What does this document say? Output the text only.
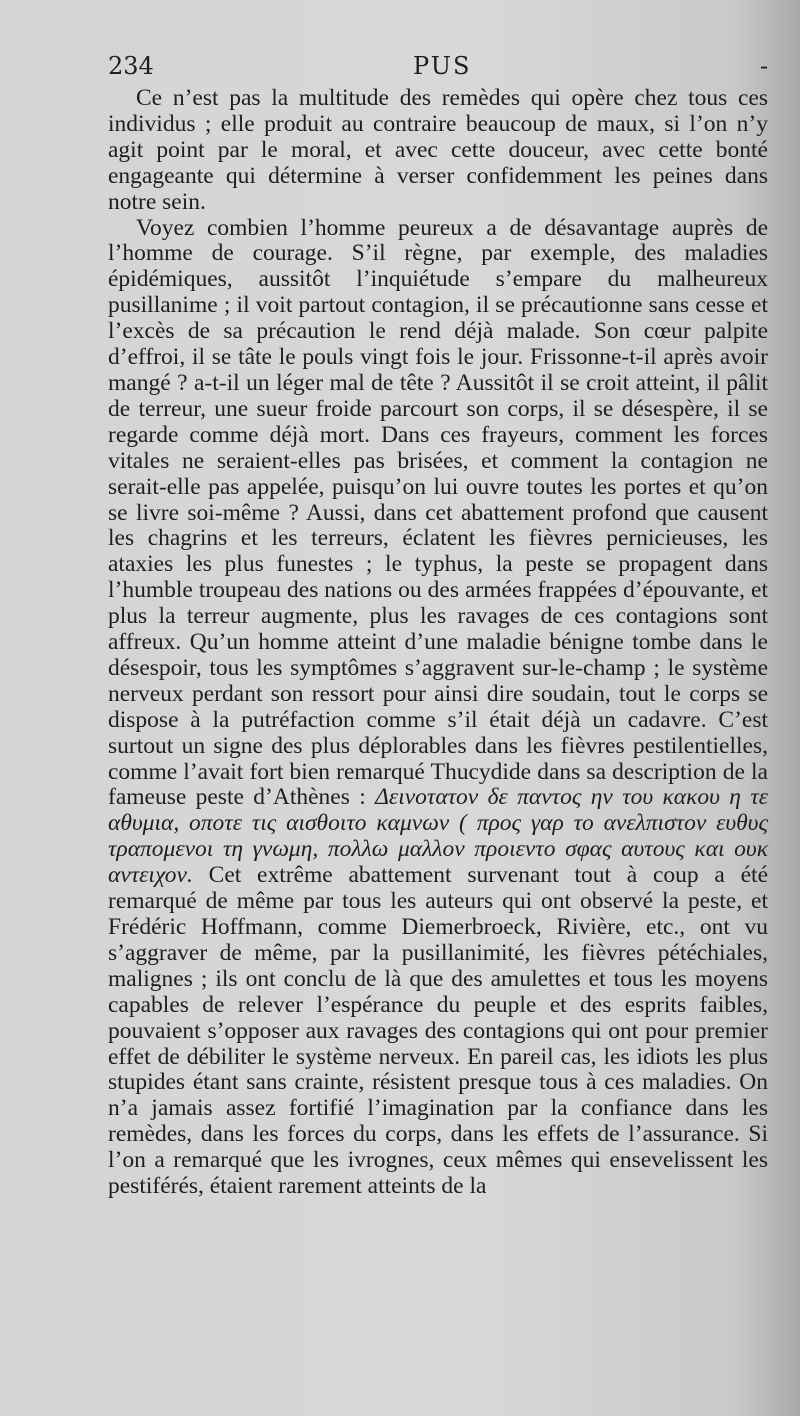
234	PUS	-

Ce n’est pas la multitude des remèdes qui opère chez tous ces individus ; elle produit au contraire beaucoup de maux, si l’on n’y agit point par le moral, et avec cette douceur, avec cette bonté engageante qui détermine à verser confidemment les peines dans notre sein.

Voyez combien l’homme peureux a de désavantage auprès de l’homme de courage. S’il règne, par exemple, des maladies épidémiques, aussitôt l’inquiétude s’empare du malheureux pusillanime ; il voit partout contagion, il se précautionne sans cesse et l’excès de sa précaution le rend déjà malade. Son cœur palpite d’effroi, il se tâte le pouls vingt fois le jour. Frissonne-t-il après avoir mangé ? a-t-il un léger mal de tête ? Aussitôt il se croit atteint, il pâlit de terreur, une sueur froide parcourt son corps, il se désespère, il se regarde comme déjà mort. Dans ces frayeurs, comment les forces vitales ne seraient-elles pas brisées, et comment la contagion ne serait-elle pas appelée, puisqu’on lui ouvre toutes les portes et qu’on se livre soi-même ? Aussi, dans cet abattement profond que causent les chagrins et les terreurs, éclatent les fièvres pernicieuses, les ataxies les plus funestes ; le typhus, la peste se propagent dans l’humble troupeau des nations ou des armées frappées d’épouvante, et plus la terreur augmente, plus les ravages de ces contagions sont affreux. Qu’un homme atteint d’une maladie bénigne tombe dans le désespoir, tous les symptômes s’aggravent sur-le-champ ; le système nerveux perdant son ressort pour ainsi dire soudain, tout le corps se dispose à la putréfaction comme s’il était déjà un cadavre. C’est surtout un signe des plus déplorables dans les fièvres pestilentielles, comme l’avait fort bien remarqué Thucydide dans sa description de la fameuse peste d’Athènes : Δεινοτατον δε παντος ην του κακου η τε αθυμια, οποτε τις αισθοιτο καμνων ( προς γαρ το ανελπιστον ευθυς τραπομενοι τη γνωμη, πολλω μαλλον προιεντο σφας αυτους και ουκ αντειχον. Cet extrême abattement survenant tout à coup a été remarqué de même par tous les auteurs qui ont observé la peste, et Frédéric Hoffmann, comme Diemerbroeck, Rivière, etc., ont vu s’aggraver de même, par la pusillanimité, les fièvres pétéchiales, malignes ; ils ont conclu de là que des amulettes et tous les moyens capables de relever l’espérance du peuple et des esprits faibles, pouvaient s’opposer aux ravages des contagions qui ont pour premier effet de débiliter le système nerveux. En pareil cas, les idiots les plus stupides étant sans crainte, résistent presque tous à ces maladies. On n’a jamais assez fortifié l’imagination par la confiance dans les remèdes, dans les forces du corps, dans les effets de l’assurance. Si l’on a remarqué que les ivrognes, ceux mêmes qui ensevelissent les pestiférés, étaient rarement atteints de la
